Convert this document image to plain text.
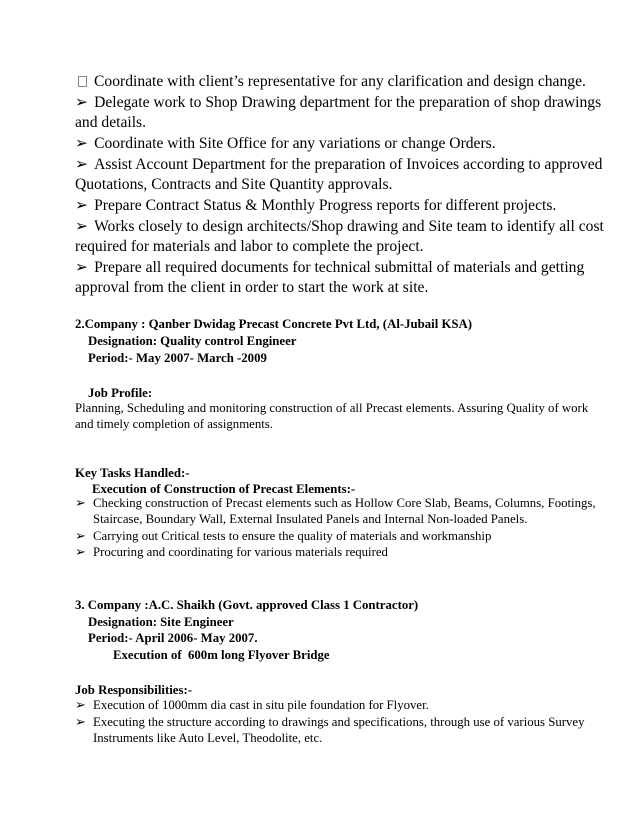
Coordinate with client’s representative for any clarification and design change.
➢ Delegate work to Shop Drawing department for the preparation of shop drawings and details.
➢ Coordinate with Site Office for any variations or change Orders.
➢ Assist Account Department for the preparation of Invoices according to approved Quotations, Contracts and Site Quantity approvals.
➢ Prepare Contract Status & Monthly Progress reports for different projects.
➢ Works closely to design architects/Shop drawing and Site team to identify all cost required for materials and labor to complete the project.
➢ Prepare all required documents for technical submittal of materials and getting approval from the client in order to start the work at site.
2.Company : Qanber Dwidag Precast Concrete Pvt Ltd, (Al-Jubail KSA)
Designation: Quality control Engineer
Period:- May 2007- March -2009
Job Profile:
Planning, Scheduling and monitoring construction of all Precast elements. Assuring Quality of work and timely completion of assignments.
Key Tasks Handled:-
Execution of Construction of Precast Elements:-
➢ Checking construction of Precast elements such as Hollow Core Slab, Beams, Columns, Footings, Staircase, Boundary Wall, External Insulated Panels and Internal Non-loaded Panels.
➢ Carrying out Critical tests to ensure the quality of materials and workmanship
➢ Procuring and coordinating for various materials required
3. Company :A.C. Shaikh (Govt. approved Class 1 Contractor)
Designation: Site Engineer
Period:- April 2006- May 2007.
Execution of  600m long Flyover Bridge
Job Responsibilities:-
➢ Execution of 1000mm dia cast in situ pile foundation for Flyover.
➢ Executing the structure according to drawings and specifications, through use of various Survey Instruments like Auto Level, Theodolite, etc.
